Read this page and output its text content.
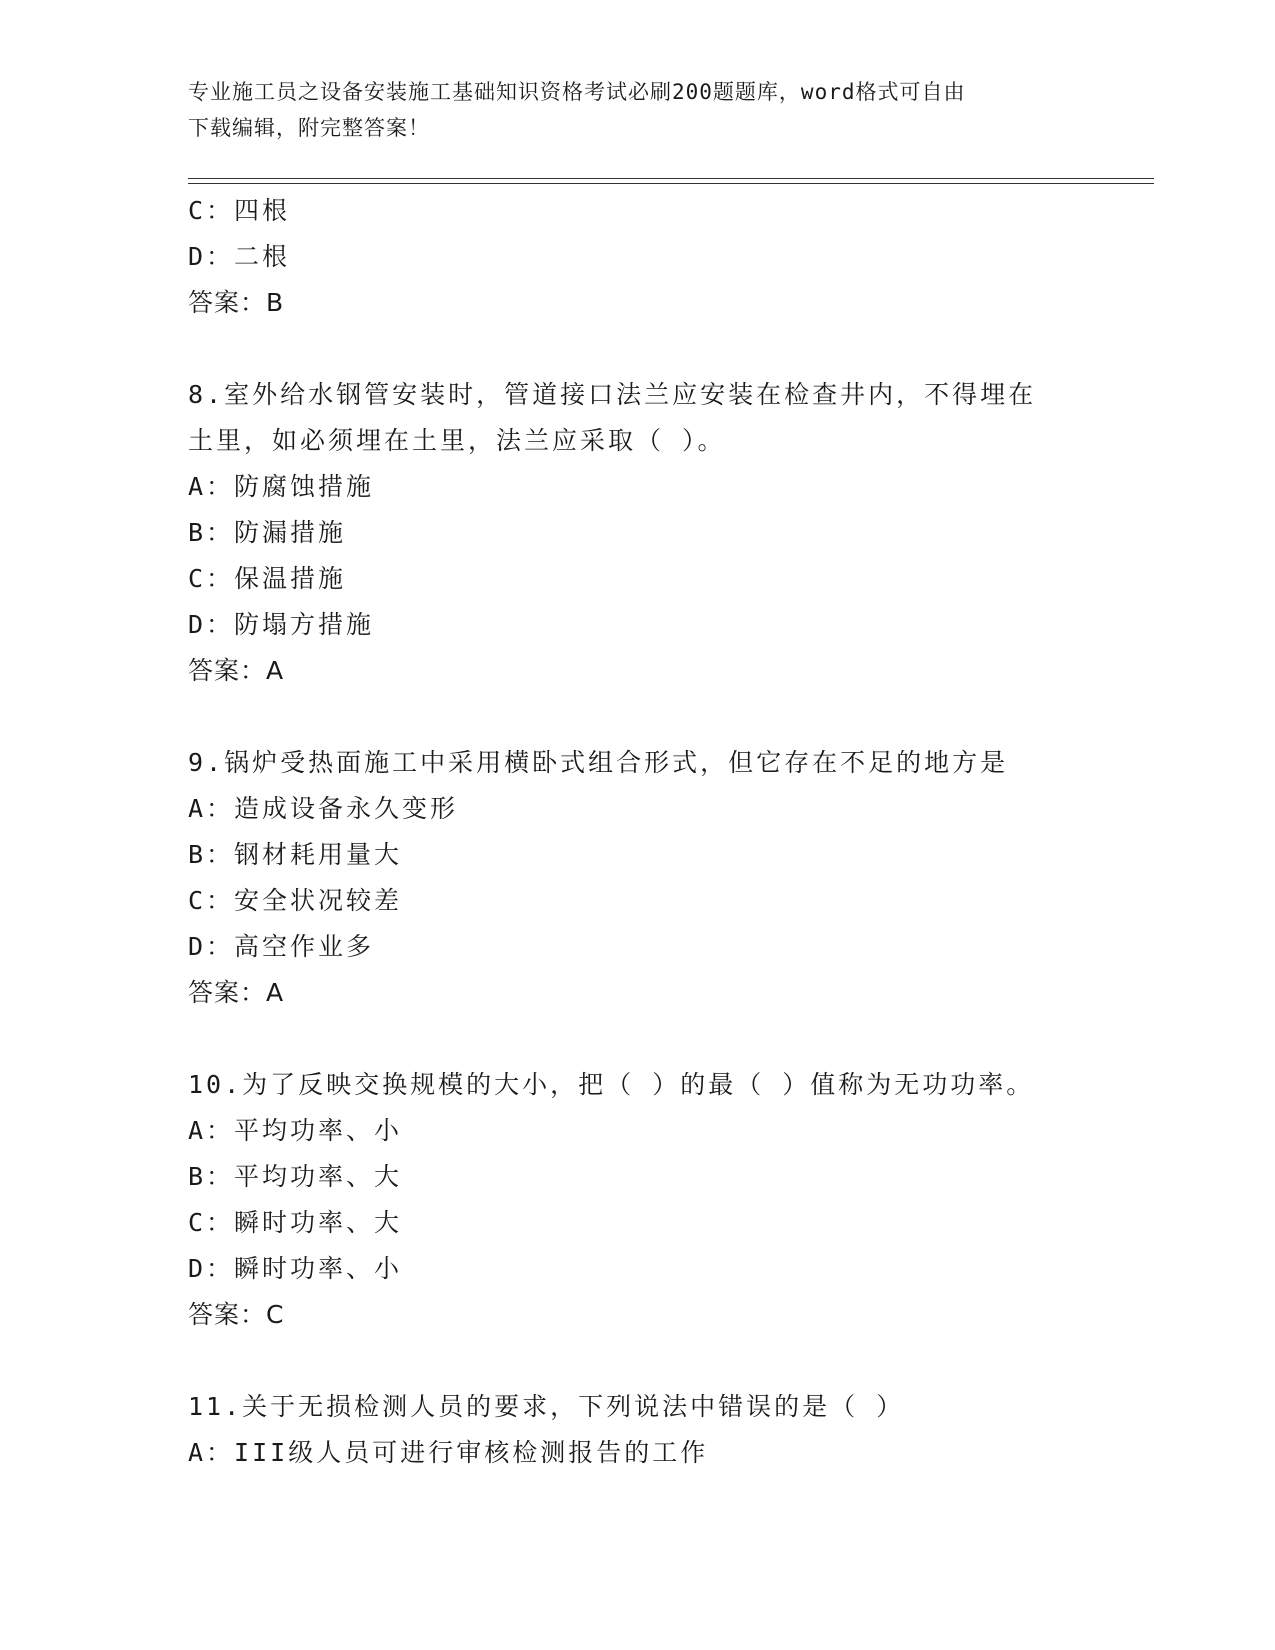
专业施工员之设备安装施工基础知识资格考试必刷200题题库，word格式可自由
下载编辑，附完整答案！
C：四根
D：二根
答案：B
8.室外给水钢管安装时，管道接口法兰应安装在检查井内，不得埋在
土里，如必须埋在土里，法兰应采取（ ）。
A：防腐蚀措施
B：防漏措施
C：保温措施
D：防塌方措施
答案：A
9.锅炉受热面施工中采用横卧式组合形式，但它存在不足的地方是
A：造成设备永久变形
B：钢材耗用量大
C：安全状况较差
D：高空作业多
答案：A
10.为了反映交换规模的大小，把（ ）的最（ ）值称为无功功率。
A：平均功率、小
B：平均功率、大
C：瞬时功率、大
D：瞬时功率、小
答案：C
11.关于无损检测人员的要求，下列说法中错误的是（ ）
A：III级人员可进行审核检测报告的工作
